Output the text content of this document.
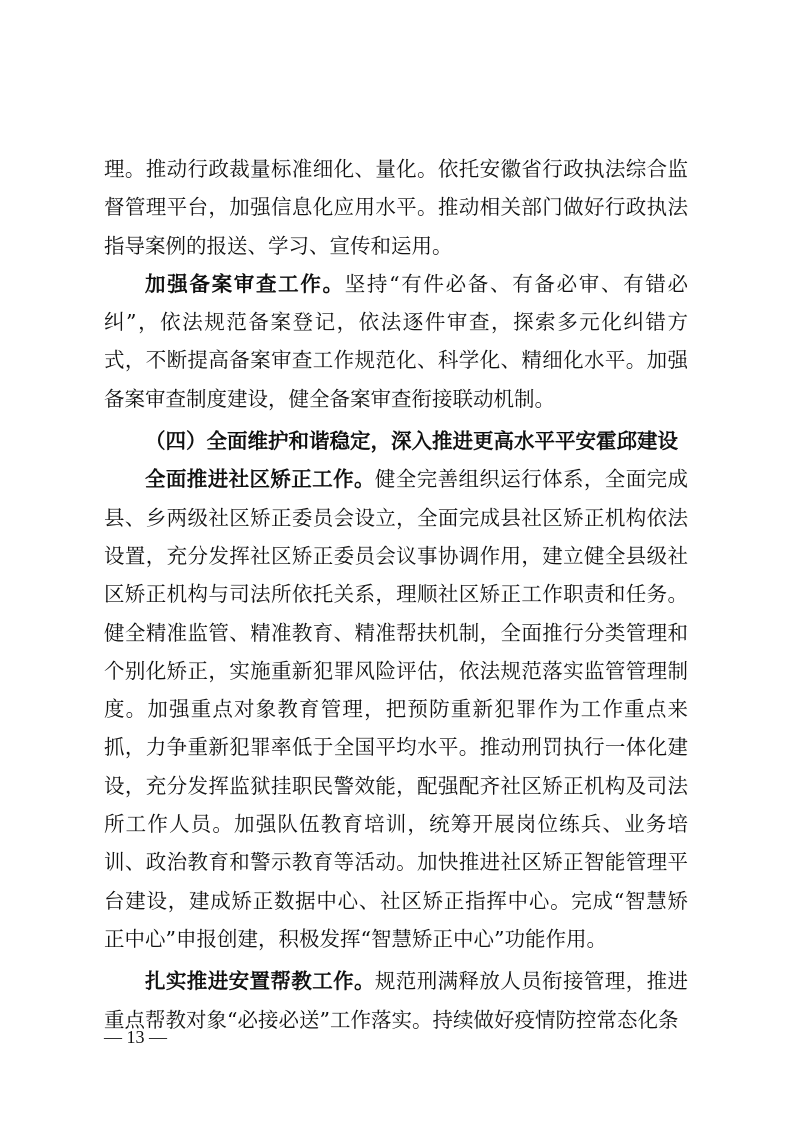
理。推动行政裁量标准细化、量化。依托安徽省行政执法综合监督管理平台，加强信息化应用水平。推动相关部门做好行政执法指导案例的报送、学习、宣传和运用。

加强备案审查工作。坚持“有件必备、有备必审、有错必纠”，依法规范备案登记，依法逐件审查，探索多元化纠错方式，不断提高备案审查工作规范化、科学化、精细化水平。加强备案审查制度建设，健全备案审查衔接联动机制。

（四）全面维护和谐稳定，深入推进更高水平平安霍邱建设

全面推进社区矫正工作。健全完善组织运行体系，全面完成县、乡两级社区矫正委员会设立，全面完成县社区矫正机构依法设置，充分发挥社区矫正委员会议事协调作用，建立健全县级社区矫正机构与司法所依托关系，理顺社区矫正工作职责和任务。健全精准监管、精准教育、精准帮扶机制，全面推行分类管理和个别化矫正，实施重新犯罪风险评估，依法规范落实监管管理制度。加强重点对象教育管理，把预防重新犯罪作为工作重点来抓，力争重新犯罪率低于全国平均水平。推动刑罚执行一体化建设，充分发挥监狱挂职民警效能，配强配齐社区矫正机构及司法所工作人员。加强队伍教育培训，统筹开展岗位练兵、业务培训、政治教育和警示教育等活动。加快推进社区矫正智能管理平台建设，建成矫正数据中心、社区矫正指挥中心。完成“智慧矫正中心”申报创建，积极发挥“智慧矫正中心”功能作用。

扎实推进安置帮教工作。规范刑满释放人员衔接管理，推进重点帮教对象“必接必送”工作落实。持续做好疫情防控常态化条

— 13 —
